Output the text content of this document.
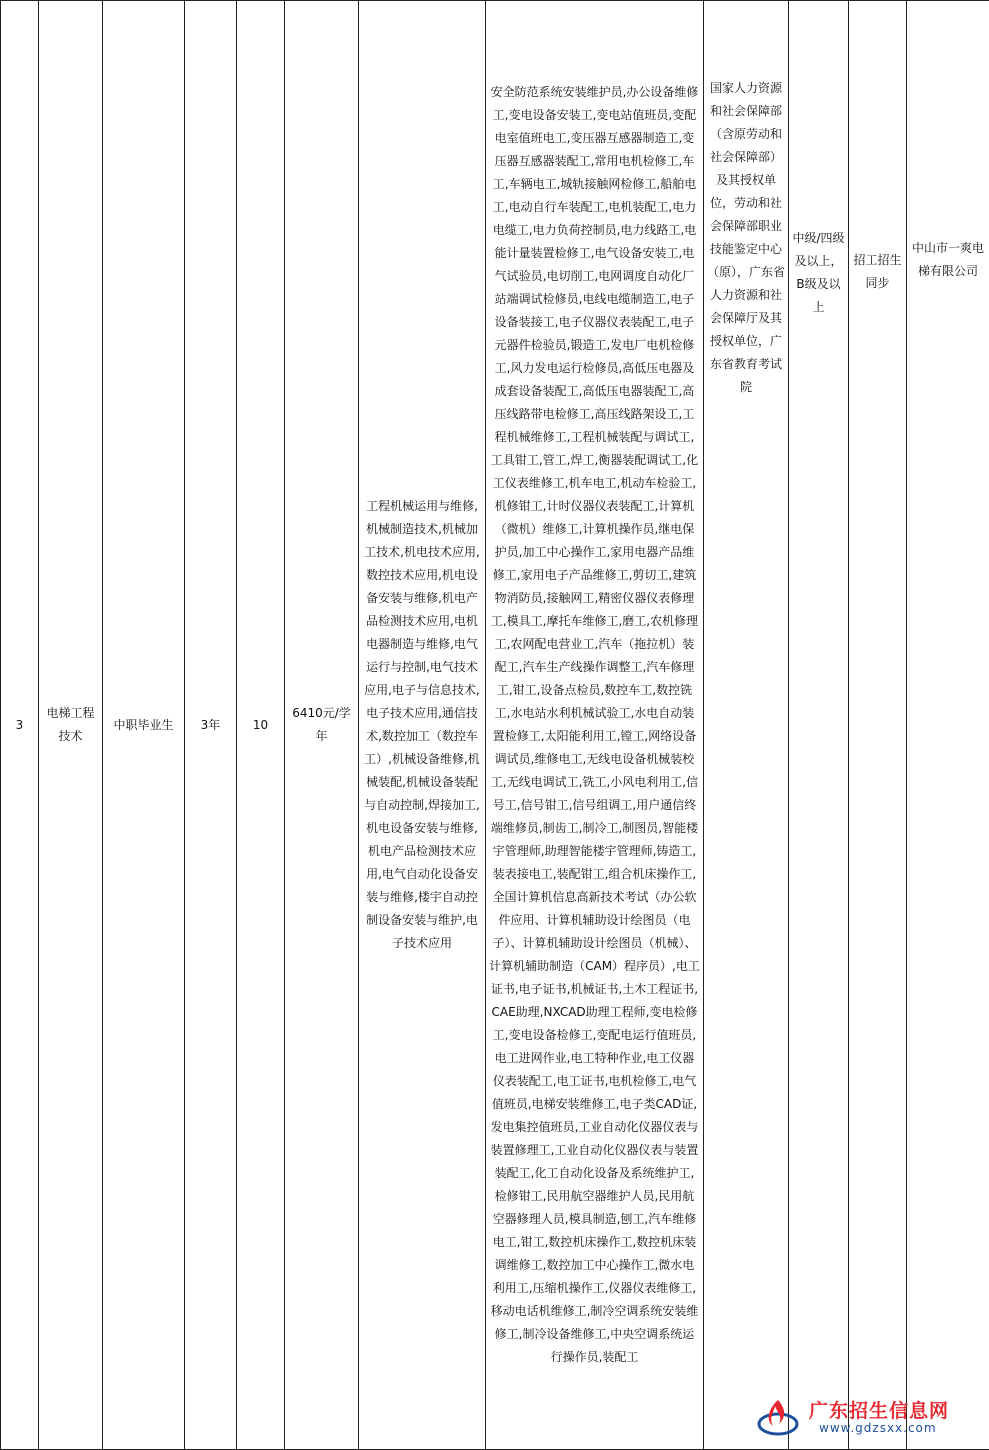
3	电梯工程技术	中职毕业生	3年	10	6410元/学年	工程机械运用与维修,机械制造技术,机械加工技术,机电技术应用,数控技术应用,机电设备安装与维修,机电产品检测技术应用,电机电器制造与维修,电气运行与控制,电气技术应用,电子与信息技术,电子技术应用,通信技术,数控加工（数控车工）,机械设备维修,机械装配,机械设备装配与自动控制,焊接加工,机电设备安装与维修,机电产品检测技术应用,电气自动化设备安装与维修,楼宇自动控制设备安装与维护,电子技术应用	安全防范系统安装维护员,办公设备维修工,变电设备安装工,变电站值班员,变配电室值班电工,变压器互感器制造工,变压器互感器装配工,常用电机检修工,车工,车辆电工,城轨接触网检修工,船舶电工,电动自行车装配工,电机装配工,电力电缆工,电力负荷控制员,电力线路工,电能计量装置检修工,电气设备安装工,电气试验员,电切削工,电网调度自动化厂站端调试检修员,电线电缆制造工,电子设备装接工,电子仪器仪表装配工,电子元器件检验员,锻造工,发电厂电机检修工,风力发电运行检修员,高低压电器及成套设备装配工,高低压电器装配工,高压线路带电检修工,高压线路架设工,工程机械维修工,工程机械装配与调试工,工具钳工,管工,焊工,衡器装配调试工,化工仪表维修工,机车电工,机动车检验工,机修钳工,计时仪器仪表装配工,计算机（微机）维修工,计算机操作员,继电保护员,加工中心操作工,家用电器产品维修工,家用电子产品维修工,剪切工,建筑物消防员,接触网工,精密仪器仪表修理工,模具工,摩托车维修工,磨工,农机修理工,农网配电营业工,汽车（拖拉机）装配工,汽车生产线操作调整工,汽车修理工,钳工,设备点检员,数控车工,数控铣工,水电站水利机械试验工,水电自动装置检修工,太阳能利用工,镗工,网络设备调试员,维修电工,无线电设备机械装校工,无线电调试工,铣工,小风电利用工,信号工,信号钳工,信号组调工,用户通信终端维修员,制齿工,制冷工,制图员,智能楼宇管理师,助理智能楼宇管理师,铸造工,装表接电工,装配钳工,组合机床操作工,全国计算机信息高新技术考试（办公软件应用、计算机辅助设计绘图员（电子）、计算机辅助设计绘图员（机械）、计算机辅助制造（CAM）程序员）,电工证书,电子证书,机械证书,土木工程证书,CAE助理,NXCAD助理工程师,变电检修工,变电设备检修工,变配电运行值班员,电工进网作业,电工特种作业,电工仪器仪表装配工,电工证书,电机检修工,电气值班员,电梯安装维修工,电子类CAD证,发电集控值班员,工业自动化仪器仪表与装置修理工,工业自动化仪器仪表与装置装配工,化工自动化设备及系统维护工,检修钳工,民用航空器维护人员,民用航空器修理人员,模具制造,刨工,汽车维修电工,钳工,数控机床操作工,数控机床装调维修工,数控加工中心操作工,微水电利用工,压缩机操作工,仪器仪表维修工,移动电话机维修工,制冷空调系统安装维修工,制冷设备维修工,中央空调系统运行操作员,装配工	国家人力资源和社会保障部（含原劳动和社会保障部）及其授权单位，劳动和社会保障部职业技能鉴定中心（原），广东省人力资源和社会保障厅及其授权单位，广东省教育考试院	中级/四级及以上，B级及以上	招工招生同步	中山市一爽电梯有限公司
广东招生信息网
www.gdzsxx.com
